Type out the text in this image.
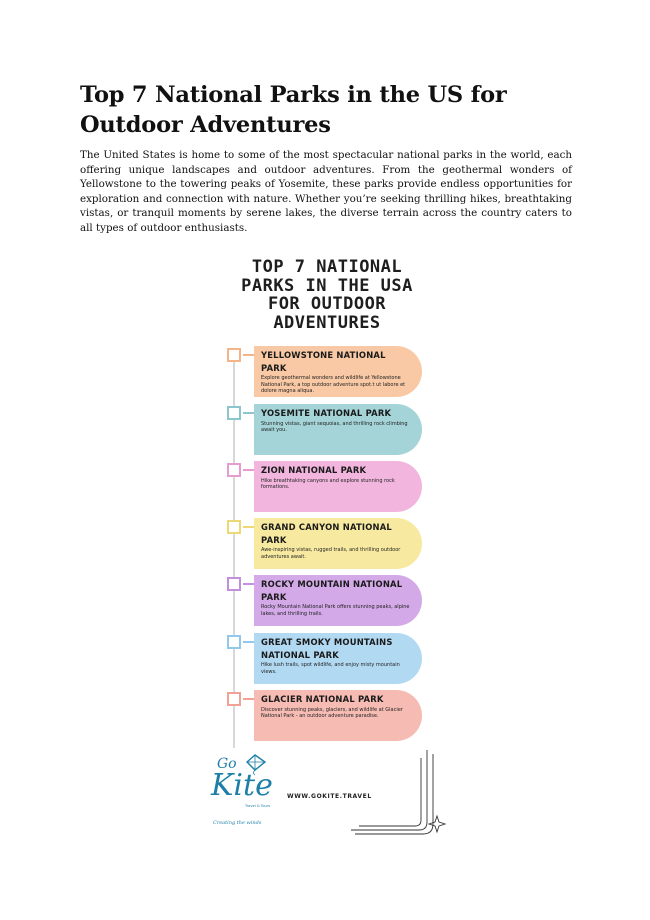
Top 7 National Parks in the US for Outdoor Adventures

The United States is home to some of the most spectacular national parks in the world, each offering unique landscapes and outdoor adventures. From the geothermal wonders of Yellowstone to the towering peaks of Yosemite, these parks provide endless opportunities for exploration and connection with nature. Whether you’re seeking thrilling hikes, breathtaking vistas, or tranquil moments by serene lakes, the diverse terrain across the country caters to all types of outdoor enthusiasts.

TOP 7 NATIONAL
PARKS IN THE USA
FOR OUTDOOR
ADVENTURES
YELLOWSTONE NATIONAL PARK
Explore geothermal wonders and wildlife at Yellowstone National Park, a top outdoor adventure spot.t ut labore et dolore magna aliqua.
YOSEMITE NATIONAL PARK
Stunning vistas, giant sequoias, and thrilling rock climbing await you.
ZION NATIONAL PARK
Hike breathtaking canyons and explore stunning rock formations.
GRAND CANYON NATIONAL PARK
Awe-inspiring vistas, rugged trails, and thrilling outdoor adventures await.
ROCKY MOUNTAIN NATIONAL PARK
Rocky Mountain National Park offers stunning peaks, alpine lakes, and thrilling trails.
GREAT SMOKY MOUNTAINS NATIONAL PARK
Hike lush trails, spot wildlife, and enjoy misty mountain views.
GLACIER NATIONAL PARK
Discover stunning peaks, glaciers, and wildlife at Glacier National Park - an outdoor adventure paradise.
Go
Kite
Travel & Tours
Creating the winds
WWW.GOKITE.TRAVEL
